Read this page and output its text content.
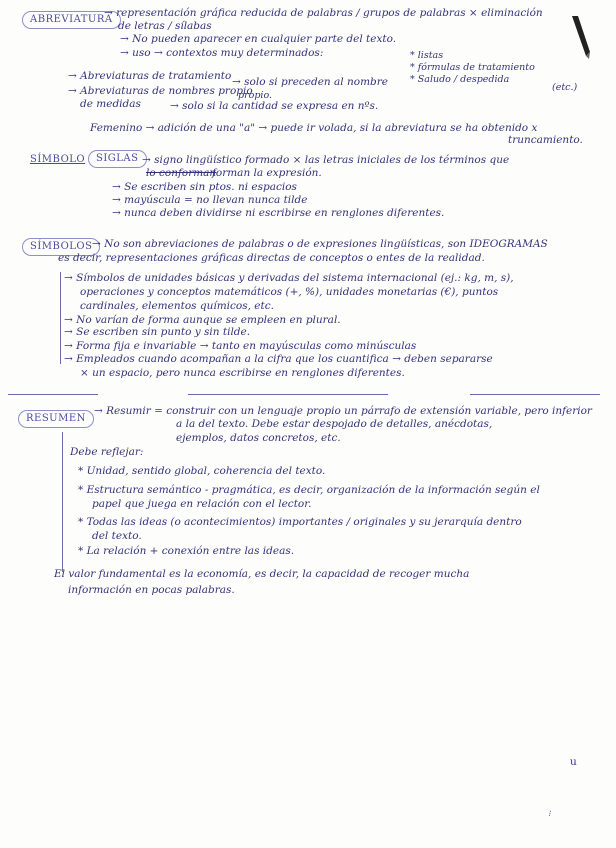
ABREVIATURA
→ representación gráfica reducida de palabras / grupos de palabras × eliminación
de letras / sílabas
→ No pueden aparecer en cualquier parte del texto.
→ uso → contextos muy determinados:	* listas
* fórmulas de tratamiento
* Saludo / despedida
(etc.)
→ Abreviaturas de tratamiento
→ Abreviaturas de nombres propio
→ solo si preceden al nombre
propio.
de medidas	→ solo si la cantidad se expresa en nºs.
Femenino → adición de una "a" → puede ir volada, si la abreviatura se ha obtenido x
truncamiento.
SÍMBOLO	SIGLAS → signo lingüístico formado × las letras iniciales de los términos que
lo conforman
forman la expresión.
→ Se escriben sin ptos. ni espacios
→ mayúscula = no llevan nunca tilde
→ nunca deben dividirse ni escribirse en renglones diferentes.
SÍMBOLOS → No son abreviaciones de palabras o de expresiones lingüísticas, son IDEOGRAMAS
es decir, representaciones gráficas directas de conceptos o entes de la realidad.
→ Símbolos de unidades básicas y derivadas del sistema internacional (ej.: kg, m, s),
operaciones y conceptos matemáticos (+, %), unidades monetarias (€), puntos
cardinales, elementos químicos, etc.
→ No varían de forma aunque se empleen en plural.
→ Se escriben sin punto y sin tilde.
→ Forma fija e invariable → tanto en mayúsculas como minúsculas
→ Empleados cuando acompañan a la cifra que los cuantifica → deben separarse
× un espacio, pero nunca escribirse en renglones diferentes.
RESUMEN
→ Resumir = construir con un lenguaje propio un párrafo de extensión variable, pero inferior
a la del texto. Debe estar despojado de detalles, anécdotas,
ejemplos, datos concretos, etc.
Debe reflejar:
* Unidad, sentido global, coherencia del texto.
* Estructura semántico - pragmática, es decir, organización de la información según el
papel que juega en relación con el lector.
* Todas las ideas (o acontecimientos) importantes / originales y su jerarquía dentro
del texto.
* La relación + conexión entre las ideas.
El valor fundamental es la economía, es decir, la capacidad de recoger mucha
información en pocas palabras.
u
⁝
